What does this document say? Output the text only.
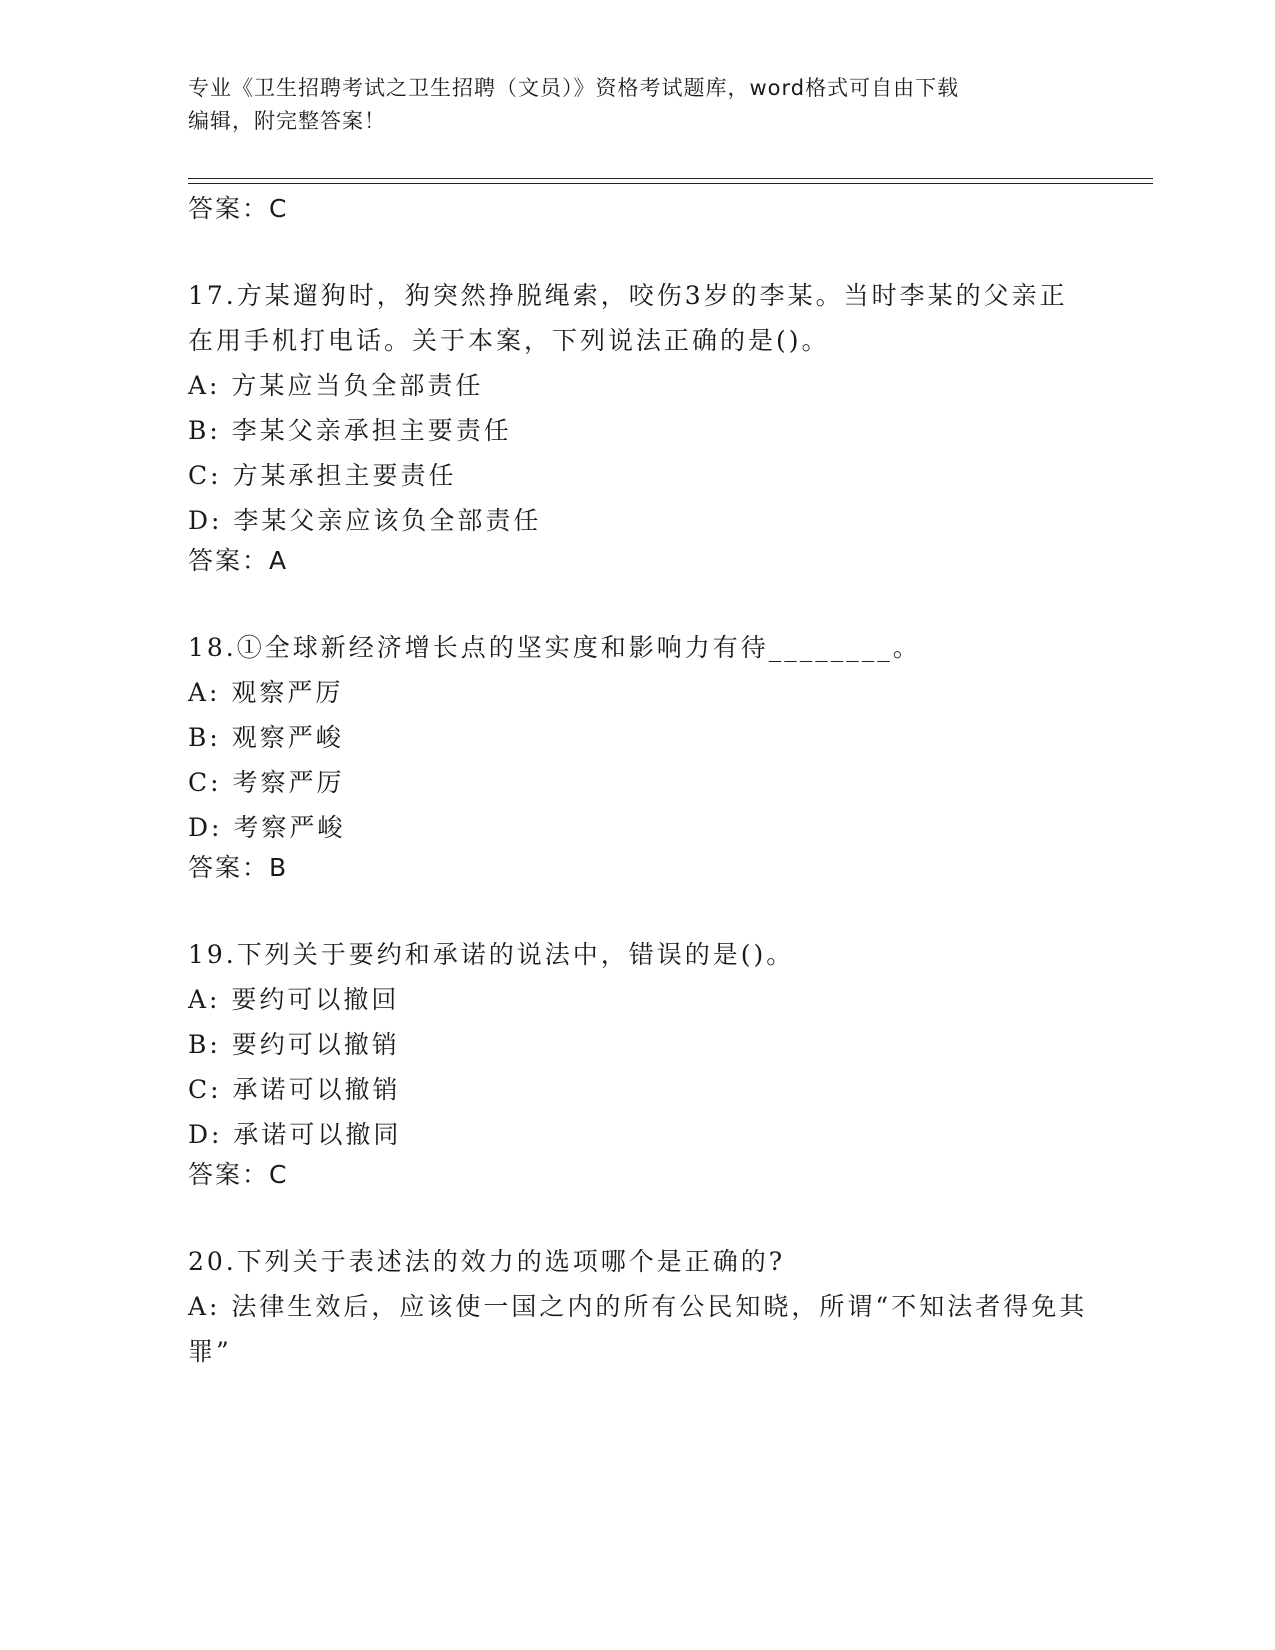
专业《卫生招聘考试之卫生招聘（文员）》资格考试题库，word格式可自由下载
编辑，附完整答案！
答案：C
17.方某遛狗时，狗突然挣脱绳索，咬伤3岁的李某。当时李某的父亲正在用手机打电话。关于本案，下列说法正确的是()。
A: 方某应当负全部责任
B: 李某父亲承担主要责任
C: 方某承担主要责任
D: 李某父亲应该负全部责任
答案：A
18.①全球新经济增长点的坚实度和影响力有待________。
A: 观察严厉
B: 观察严峻
C: 考察严厉
D: 考察严峻
答案：B
19.下列关于要约和承诺的说法中，错误的是()。
A: 要约可以撤回
B: 要约可以撤销
C: 承诺可以撤销
D: 承诺可以撤同
答案：C
20.下列关于表述法的效力的选项哪个是正确的?
A: 法律生效后，应该使一国之内的所有公民知晓，所谓“不知法者得免其罪”
